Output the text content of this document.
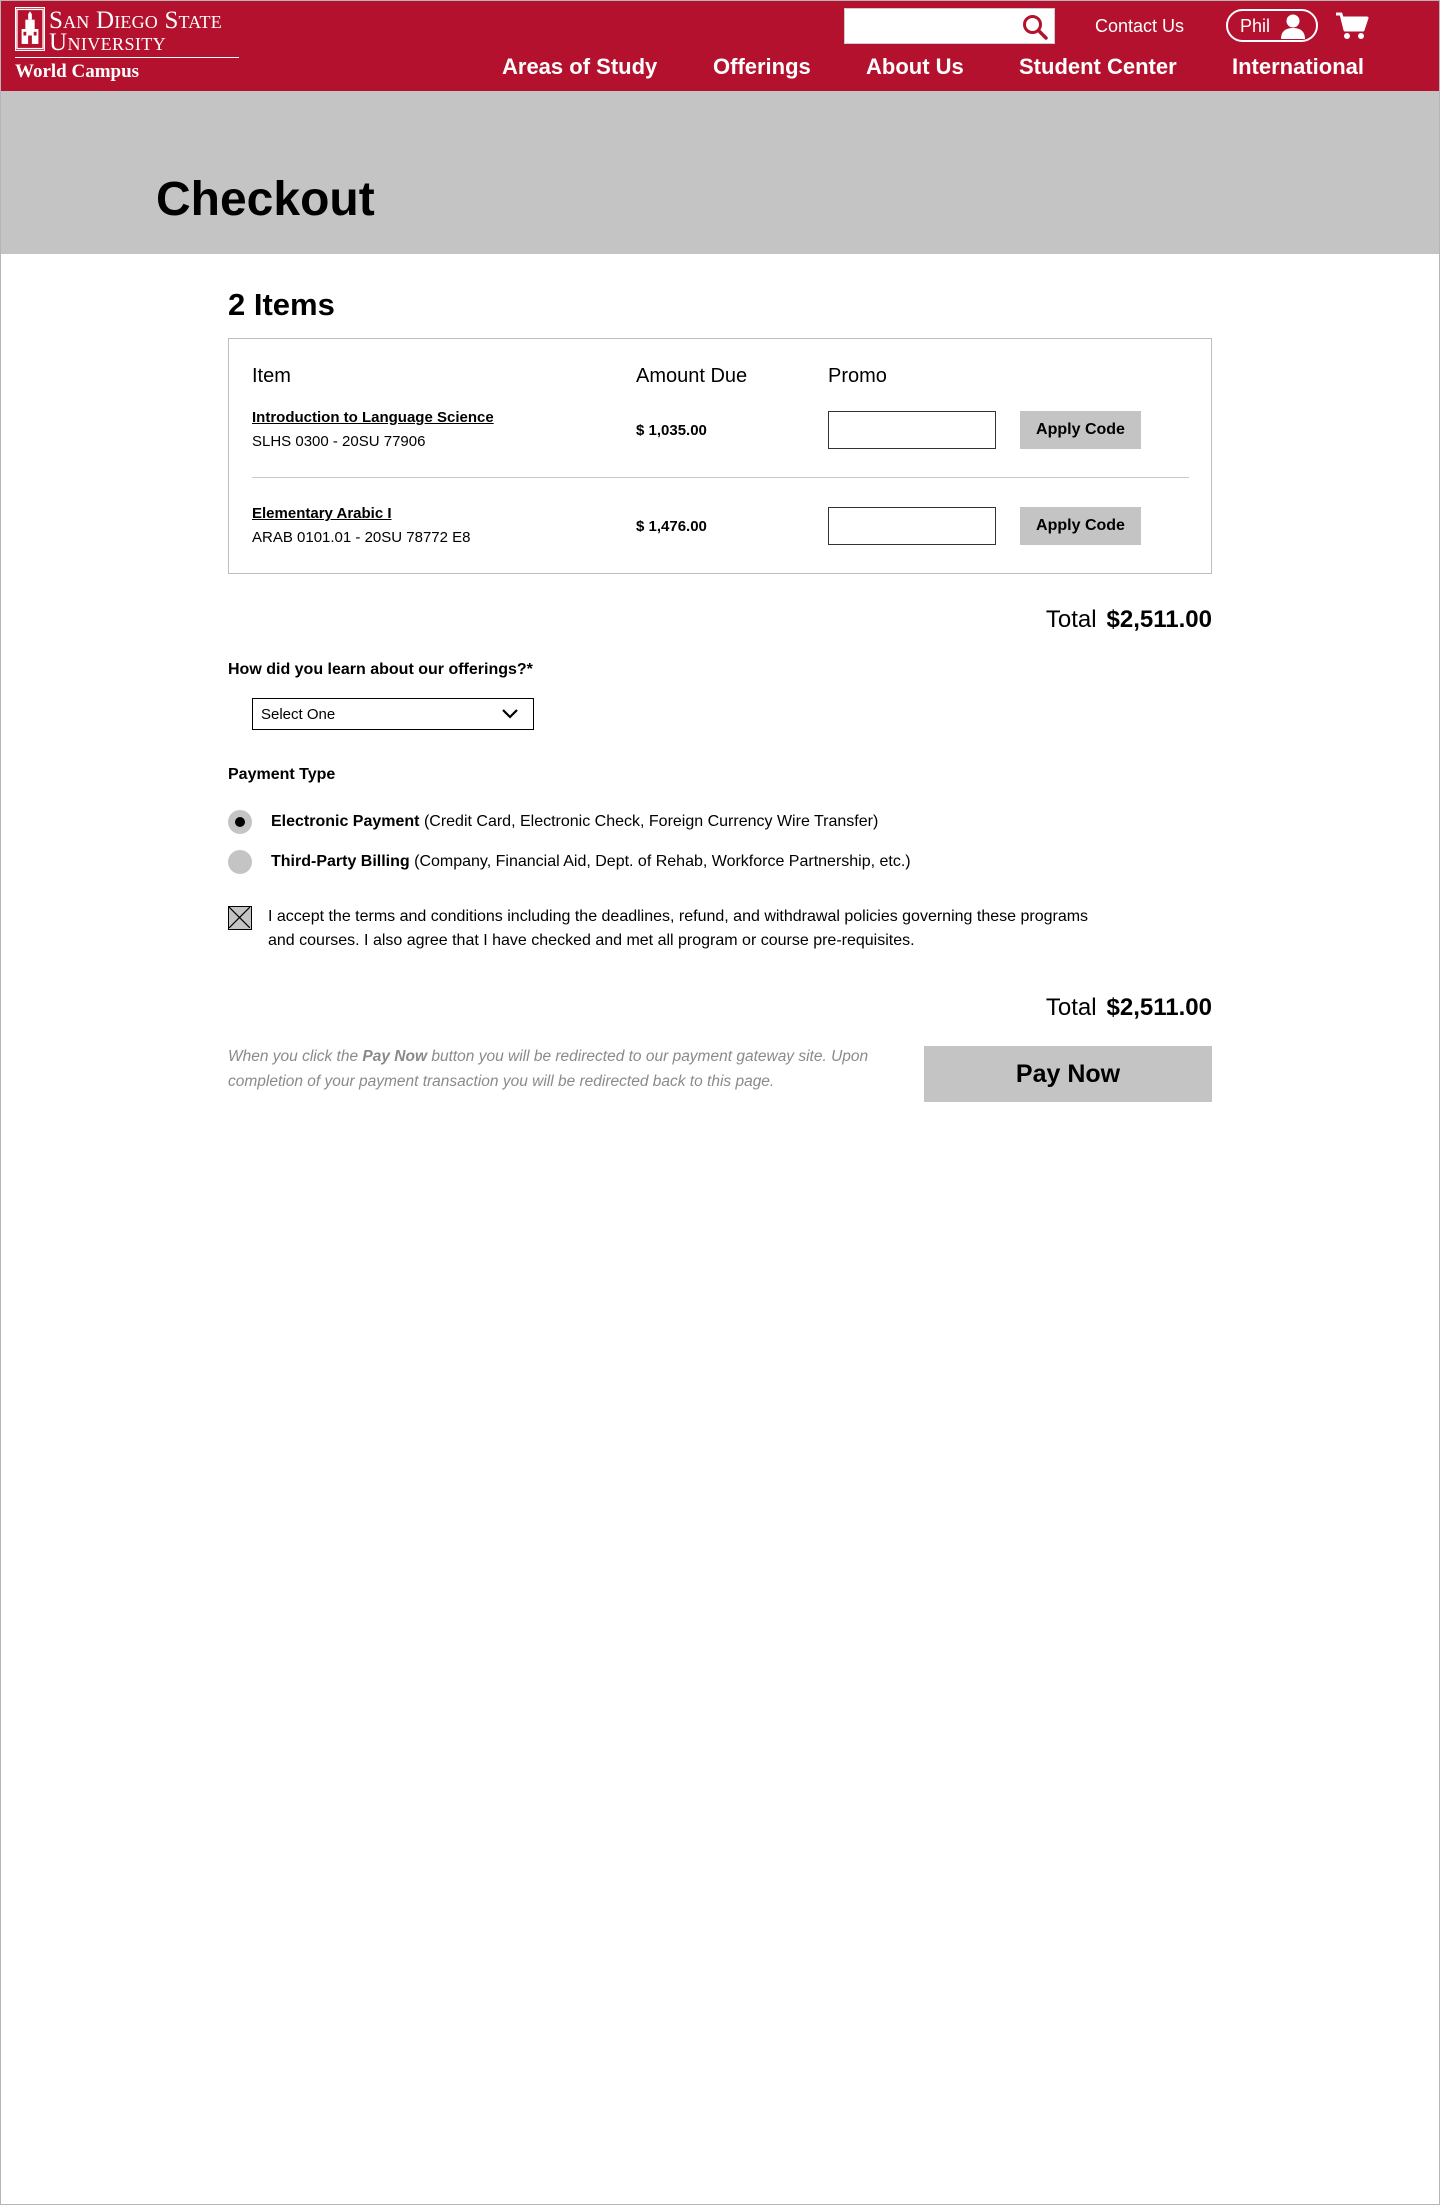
San Diego State
University
World Campus
Contact Us	Phil
Areas of Study	Offerings	About Us	Student Center	International
Checkout
2 Items
Item	Amount Due	Promo
Introduction to Language Science
SLHS 0300 - 20SU 77906
$ 1,035.00	Apply Code
Elementary Arabic I
ARAB 0101.01 - 20SU 78772 E8
$ 1,476.00	Apply Code
Total $2,511.00
How did you learn about our offerings?*
Select One
Payment Type
Electronic Payment (Credit Card, Electronic Check, Foreign Currency Wire Transfer)
Third-Party Billing (Company, Financial Aid, Dept. of Rehab, Workforce Partnership, etc.)
I accept the terms and conditions including the deadlines, refund, and withdrawal policies governing these programs and courses. I also agree that I have checked and met all program or course pre-requisites.
Total $2,511.00
When you click the Pay Now button you will be redirected to our payment gateway site. Upon completion of your payment transaction you will be redirected back to this page.	Pay Now
